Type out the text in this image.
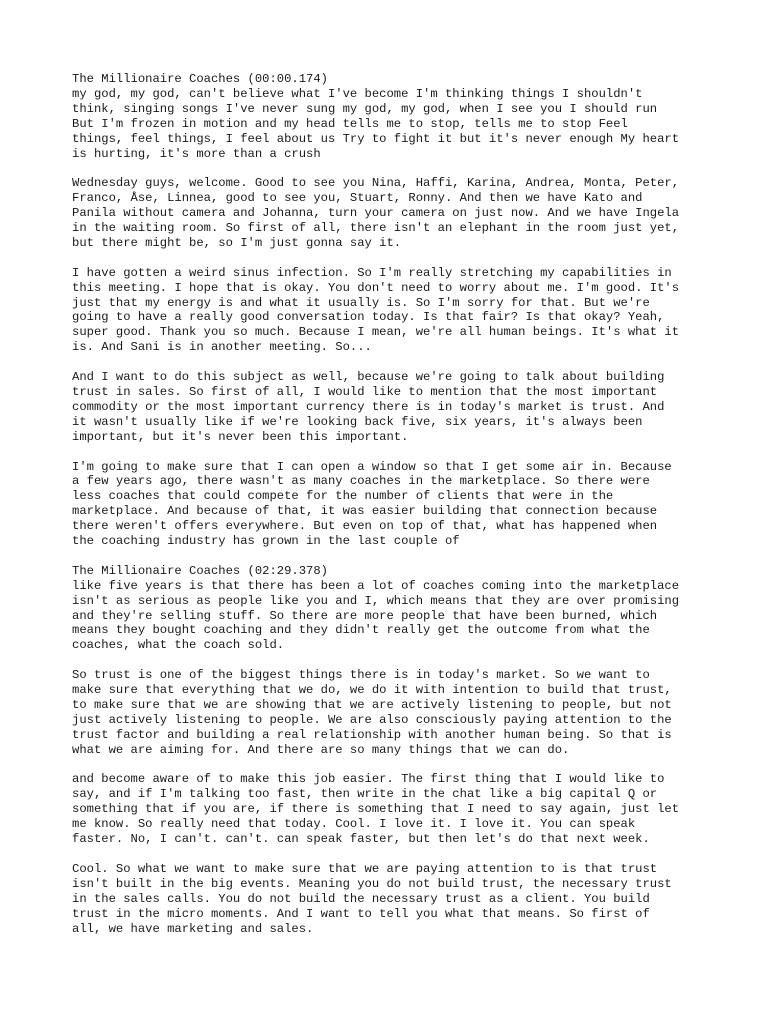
The Millionaire Coaches (00:00.174)
my god, my god, can't believe what I've become I'm thinking things I shouldn't
think, singing songs I've never sung my god, my god, when I see you I should run
But I'm frozen in motion and my head tells me to stop, tells me to stop Feel
things, feel things, I feel about us Try to fight it but it's never enough My heart
is hurting, it's more than a crush
Wednesday guys, welcome. Good to see you Nina, Haffi, Karina, Andrea, Monta, Peter,
Franco, Åse, Linnea, good to see you, Stuart, Ronny. And then we have Kato and
Panila without camera and Johanna, turn your camera on just now. And we have Ingela
in the waiting room. So first of all, there isn't an elephant in the room just yet,
but there might be, so I'm just gonna say it.
I have gotten a weird sinus infection. So I'm really stretching my capabilities in
this meeting. I hope that is okay. You don't need to worry about me. I'm good. It's
just that my energy is and what it usually is. So I'm sorry for that. But we're
going to have a really good conversation today. Is that fair? Is that okay? Yeah,
super good. Thank you so much. Because I mean, we're all human beings. It's what it
is. And Sani is in another meeting. So...
And I want to do this subject as well, because we're going to talk about building
trust in sales. So first of all, I would like to mention that the most important
commodity or the most important currency there is in today's market is trust. And
it wasn't usually like if we're looking back five, six years, it's always been
important, but it's never been this important.
I'm going to make sure that I can open a window so that I get some air in. Because
a few years ago, there wasn't as many coaches in the marketplace. So there were
less coaches that could compete for the number of clients that were in the
marketplace. And because of that, it was easier building that connection because
there weren't offers everywhere. But even on top of that, what has happened when
the coaching industry has grown in the last couple of
The Millionaire Coaches (02:29.378)
like five years is that there has been a lot of coaches coming into the marketplace
isn't as serious as people like you and I, which means that they are over promising
and they're selling stuff. So there are more people that have been burned, which
means they bought coaching and they didn't really get the outcome from what the
coaches, what the coach sold.
So trust is one of the biggest things there is in today's market. So we want to
make sure that everything that we do, we do it with intention to build that trust,
to make sure that we are showing that we are actively listening to people, but not
just actively listening to people. We are also consciously paying attention to the
trust factor and building a real relationship with another human being. So that is
what we are aiming for. And there are so many things that we can do.
and become aware of to make this job easier. The first thing that I would like to
say, and if I'm talking too fast, then write in the chat like a big capital Q or
something that if you are, if there is something that I need to say again, just let
me know. So really need that today. Cool. I love it. I love it. You can speak
faster. No, I can't. can't. can speak faster, but then let's do that next week.
Cool. So what we want to make sure that we are paying attention to is that trust
isn't built in the big events. Meaning you do not build trust, the necessary trust
in the sales calls. You do not build the necessary trust as a client. You build
trust in the micro moments. And I want to tell you what that means. So first of
all, we have marketing and sales.
